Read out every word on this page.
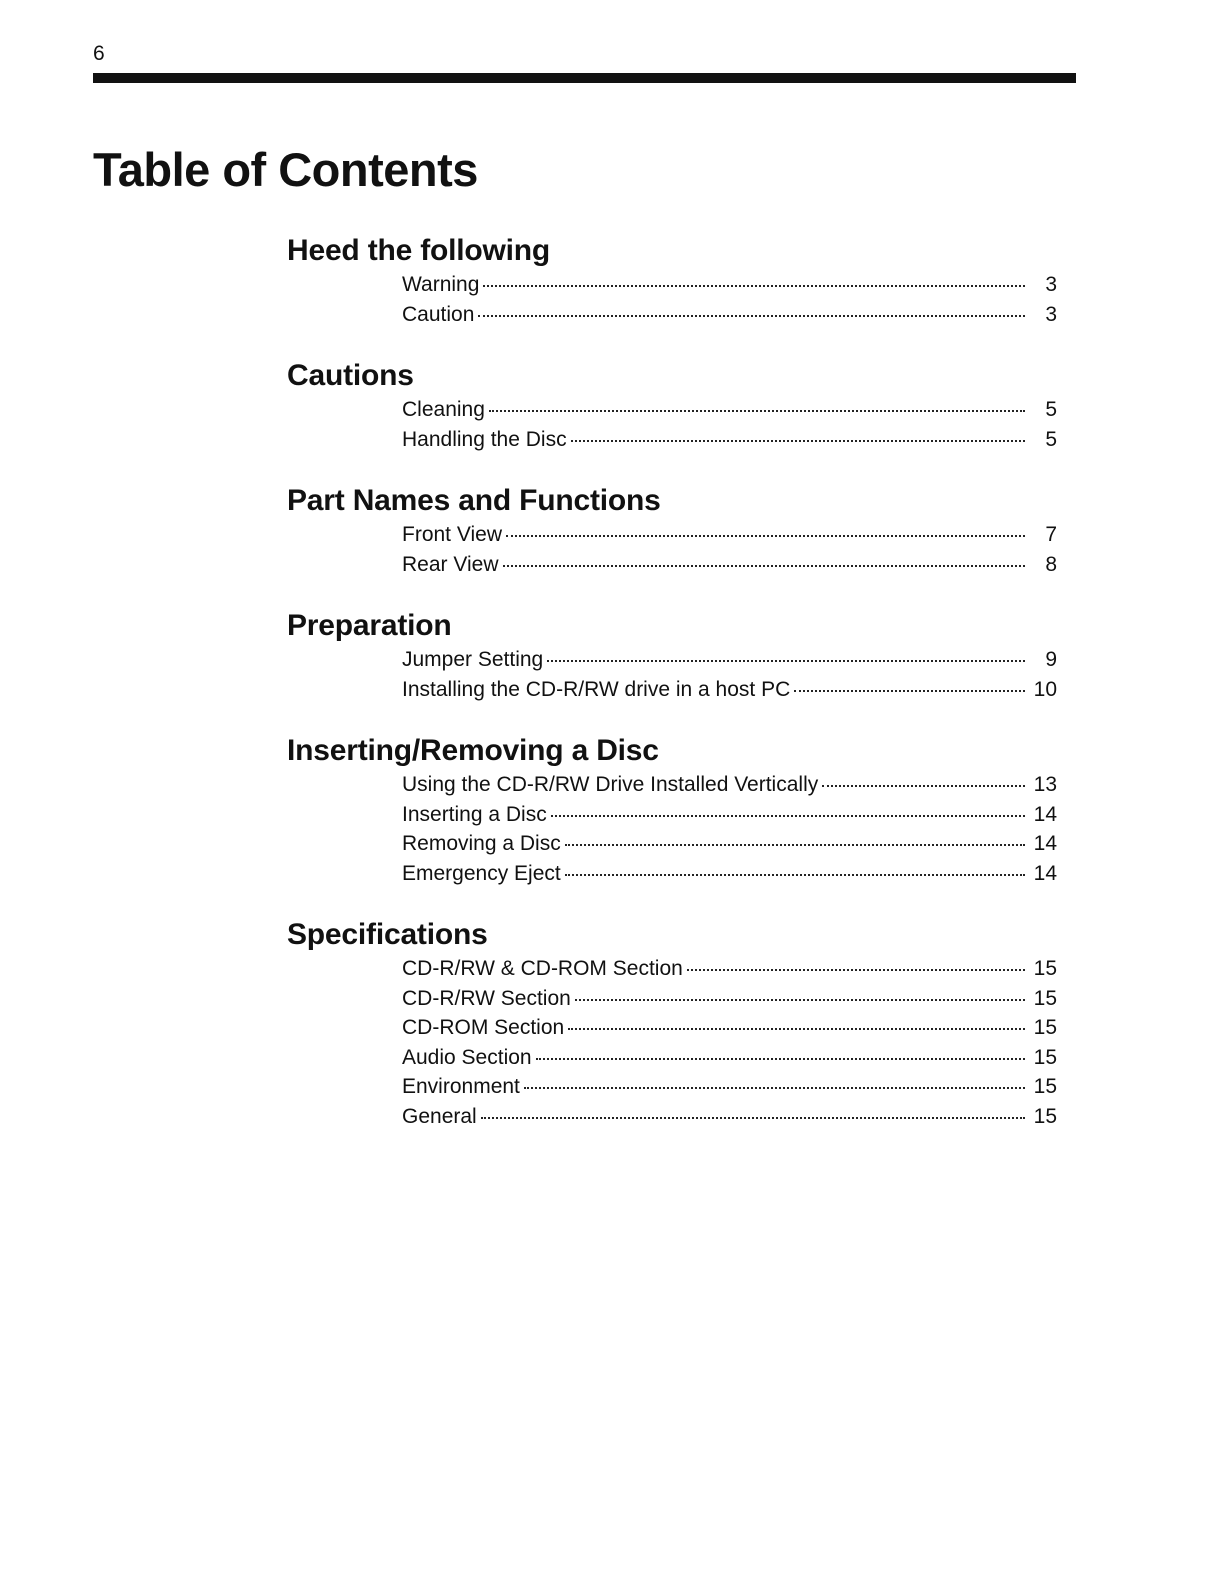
6
Table of Contents
Heed the following
Warning	3
Caution	3
Cautions
Cleaning	5
Handling the Disc	5
Part Names and Functions
Front View	7
Rear View	8
Preparation
Jumper Setting	9
Installing the CD-R/RW drive in a host PC	10
Inserting/Removing a Disc
Using the CD-R/RW Drive Installed Vertically	13
Inserting a Disc	14
Removing a Disc	14
Emergency Eject	14
Specifications
CD-R/RW & CD-ROM Section	15
CD-R/RW Section	15
CD-ROM Section	15
Audio Section	15
Environment	15
General	15
